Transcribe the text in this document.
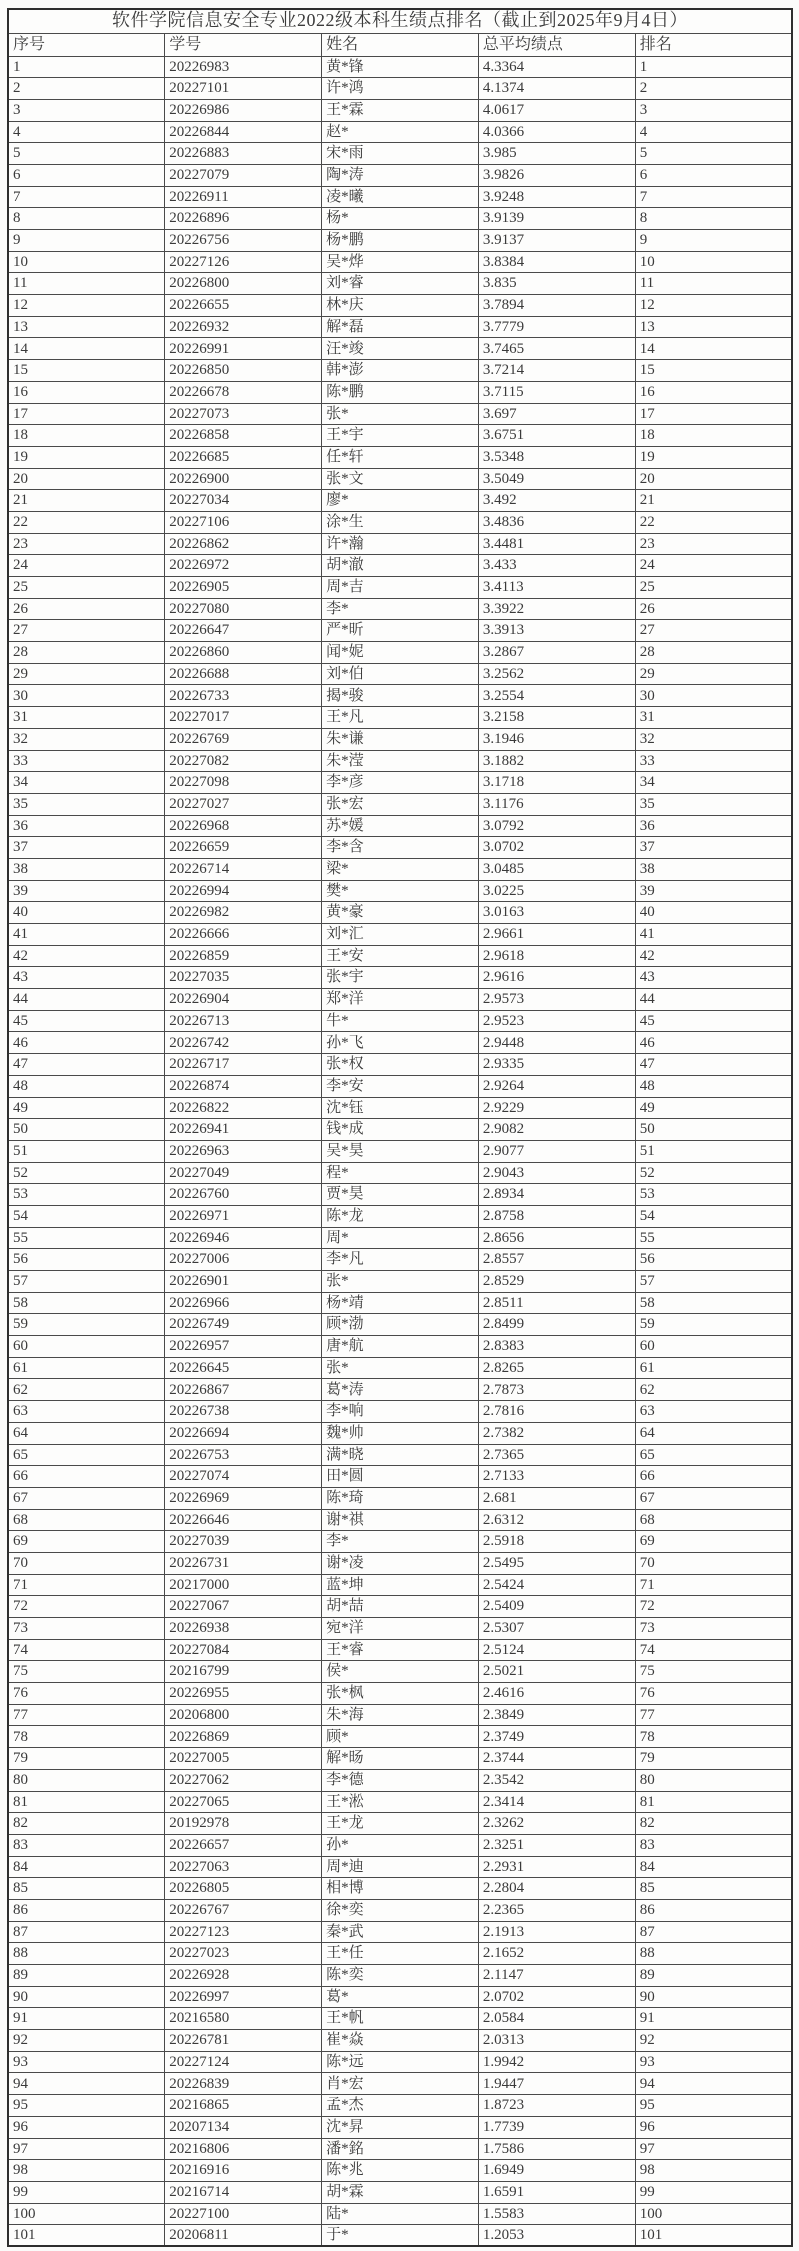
软件学院信息安全专业2022级本科生绩点排名（截止到2025年9月4日）				
序号	学号	姓名	总平均绩点	排名
1	20226983	黄*锋	4.3364	1
2	20227101	许*鸿	4.1374	2
3	20226986	王*霖	4.0617	3
4	20226844	赵*	4.0366	4
5	20226883	宋*雨	3.985	5
6	20227079	陶*涛	3.9826	6
7	20226911	凌*曦	3.9248	7
8	20226896	杨*	3.9139	8
9	20226756	杨*鹏	3.9137	9
10	20227126	吴*烨	3.8384	10
11	20226800	刘*睿	3.835	11
12	20226655	林*庆	3.7894	12
13	20226932	解*磊	3.7779	13
14	20226991	汪*竣	3.7465	14
15	20226850	韩*澎	3.7214	15
16	20226678	陈*鹏	3.7115	16
17	20227073	张*	3.697	17
18	20226858	王*宇	3.6751	18
19	20226685	任*轩	3.5348	19
20	20226900	张*文	3.5049	20
21	20227034	廖*	3.492	21
22	20227106	涂*生	3.4836	22
23	20226862	许*瀚	3.4481	23
24	20226972	胡*澈	3.433	24
25	20226905	周*吉	3.4113	25
26	20227080	李*	3.3922	26
27	20226647	严*昕	3.3913	27
28	20226860	闻*妮	3.2867	28
29	20226688	刘*伯	3.2562	29
30	20226733	揭*骏	3.2554	30
31	20227017	王*凡	3.2158	31
32	20226769	朱*谦	3.1946	32
33	20227082	朱*滢	3.1882	33
34	20227098	李*彦	3.1718	34
35	20227027	张*宏	3.1176	35
36	20226968	苏*媛	3.0792	36
37	20226659	李*含	3.0702	37
38	20226714	梁*	3.0485	38
39	20226994	樊*	3.0225	39
40	20226982	黄*豪	3.0163	40
41	20226666	刘*汇	2.9661	41
42	20226859	王*安	2.9618	42
43	20227035	张*宇	2.9616	43
44	20226904	郑*洋	2.9573	44
45	20226713	牛*	2.9523	45
46	20226742	孙*飞	2.9448	46
47	20226717	张*权	2.9335	47
48	20226874	李*安	2.9264	48
49	20226822	沈*钰	2.9229	49
50	20226941	钱*成	2.9082	50
51	20226963	吴*昊	2.9077	51
52	20227049	程*	2.9043	52
53	20226760	贾*昊	2.8934	53
54	20226971	陈*龙	2.8758	54
55	20226946	周*	2.8656	55
56	20227006	李*凡	2.8557	56
57	20226901	张*	2.8529	57
58	20226966	杨*靖	2.8511	58
59	20226749	顾*渤	2.8499	59
60	20226957	唐*航	2.8383	60
61	20226645	张*	2.8265	61
62	20226867	葛*涛	2.7873	62
63	20226738	李*响	2.7816	63
64	20226694	魏*帅	2.7382	64
65	20226753	满*晓	2.7365	65
66	20227074	田*圆	2.7133	66
67	20226969	陈*琦	2.681	67
68	20226646	谢*祺	2.6312	68
69	20227039	李*	2.5918	69
70	20226731	谢*凌	2.5495	70
71	20217000	蓝*坤	2.5424	71
72	20227067	胡*喆	2.5409	72
73	20226938	宛*洋	2.5307	73
74	20227084	王*睿	2.5124	74
75	20216799	侯*	2.5021	75
76	20226955	张*枫	2.4616	76
77	20206800	朱*海	2.3849	77
78	20226869	顾*	2.3749	78
79	20227005	解*旸	2.3744	79
80	20227062	李*德	2.3542	80
81	20227065	王*淞	2.3414	81
82	20192978	王*龙	2.3262	82
83	20226657	孙*	2.3251	83
84	20227063	周*迪	2.2931	84
85	20226805	相*博	2.2804	85
86	20226767	徐*奕	2.2365	86
87	20227123	秦*武	2.1913	87
88	20227023	王*任	2.1652	88
89	20226928	陈*奕	2.1147	89
90	20226997	葛*	2.0702	90
91	20216580	王*帆	2.0584	91
92	20226781	崔*焱	2.0313	92
93	20227124	陈*远	1.9942	93
94	20226839	肖*宏	1.9447	94
95	20216865	孟*杰	1.8723	95
96	20207134	沈*昇	1.7739	96
97	20216806	潘*銘	1.7586	97
98	20216916	陈*兆	1.6949	98
99	20216714	胡*霖	1.6591	99
100	20227100	陆*	1.5583	100
101	20206811	于*	1.2053	101
